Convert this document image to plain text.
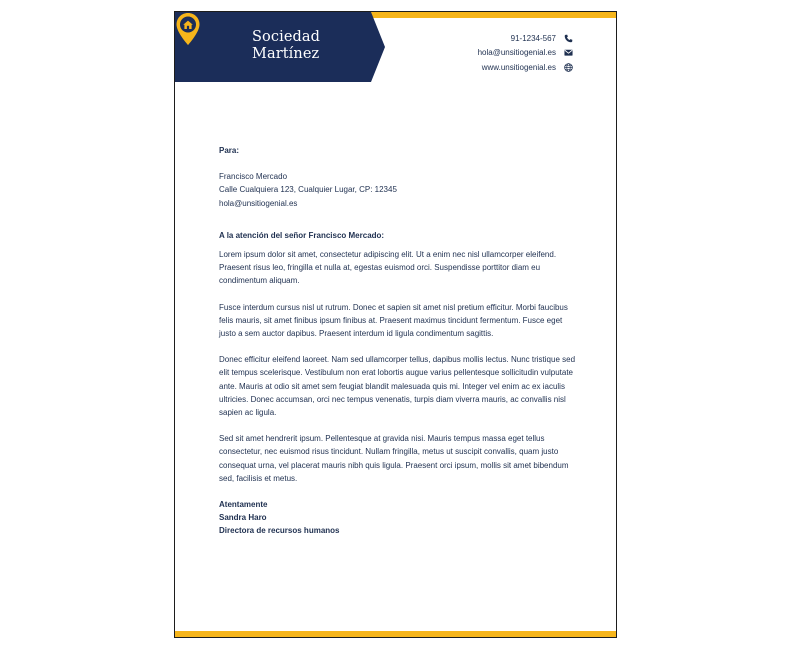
Sociedad
Martínez
91-1234-567
hola@unsitiogenial.es
www.unsitiogenial.es

Para:

Francisco Mercado

Calle Cualquiera 123, Cualquier Lugar, CP: 12345

hola@unsitiogenial.es

A la atención del señor Francisco Mercado:

Lorem ipsum dolor sit amet, consectetur adipiscing elit. Ut a enim nec nisl ullamcorper eleifend. Praesent risus leo, fringilla et nulla at, egestas euismod orci. Suspendisse porttitor diam eu condimentum aliquam.

Fusce interdum cursus nisl ut rutrum. Donec et sapien sit amet nisl pretium efficitur. Morbi faucibus felis mauris, sit amet finibus ipsum finibus at. Praesent maximus tincidunt fermentum. Fusce eget justo a sem auctor dapibus. Praesent interdum id ligula condimentum sagittis.

Donec efficitur eleifend laoreet. Nam sed ullamcorper tellus, dapibus mollis lectus. Nunc tristique sed elit tempus scelerisque. Vestibulum non erat lobortis augue varius pellentesque sollicitudin vulputate ante. Mauris at odio sit amet sem feugiat blandit malesuada quis mi. Integer vel enim ac ex iaculis ultricies. Donec accumsan, orci nec tempus venenatis, turpis diam viverra mauris, ac convallis nisl sapien ac ligula.

Sed sit amet hendrerit ipsum. Pellentesque at gravida nisi. Mauris tempus massa eget tellus consectetur, nec euismod risus tincidunt. Nullam fringilla, metus ut suscipit convallis, quam justo consequat urna, vel placerat mauris nibh quis ligula. Praesent orci ipsum, mollis sit amet bibendum sed, facilisis et metus.

Atentamente

Sandra Haro

Directora de recursos humanos
